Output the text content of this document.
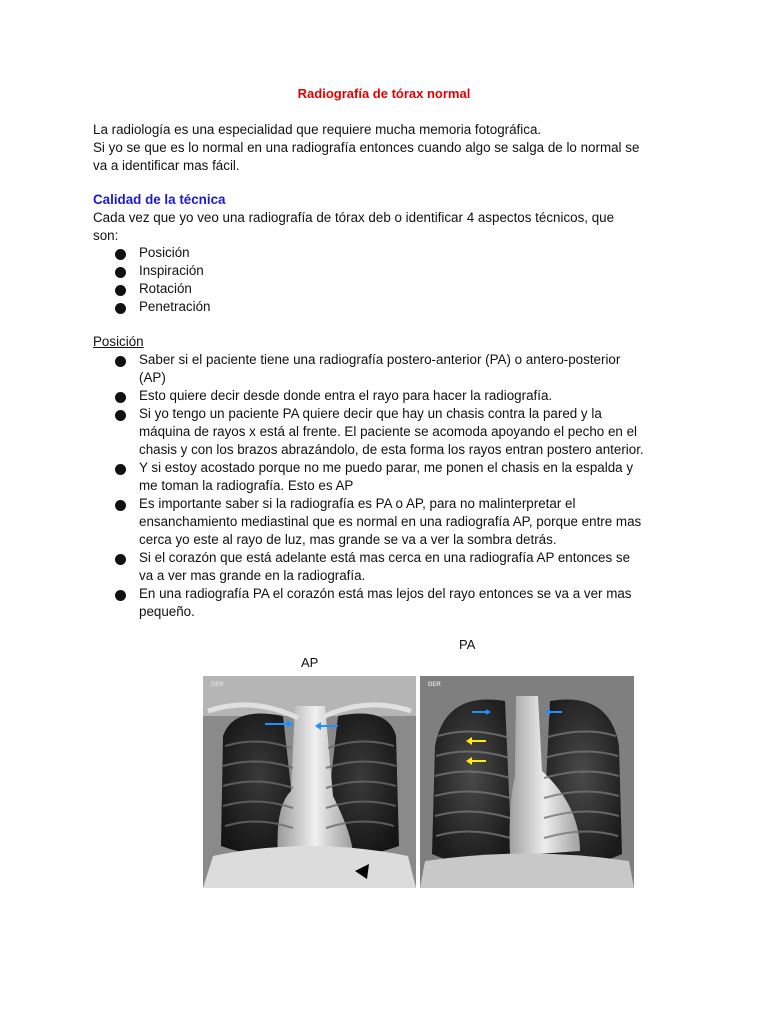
Radiografía de tórax normal
La radiología es una especialidad que requiere mucha memoria fotográfica.
Si yo se que es lo normal en una radiografía entonces cuando algo se salga de lo normal se
va a identificar mas fácil.
Calidad de la técnica
Cada vez que yo veo una radiografía de tórax deb o identificar 4 aspectos técnicos, que
son:
Posición
Inspiración
Rotación
Penetración
Posición
Saber si el paciente tiene una radiografía postero-anterior (PA) o antero-posterior
(AP)
Esto quiere decir desde donde entra el rayo para hacer la radiografía.
Si yo tengo un paciente PA quiere decir que hay un chasis contra la pared y la
máquina de rayos x está al frente. El paciente se acomoda apoyando el pecho en el
chasis y con los brazos abrazándolo, de esta forma los rayos entran postero anterior.
Y si estoy acostado porque no me puedo parar, me ponen el chasis en la espalda y
me toman la radiografía. Esto es AP
Es importante saber si la radiografía es PA o AP, para no malinterpretar el
ensanchamiento mediastinal que es normal en una radiografía AP, porque entre mas
cerca yo este al rayo de luz, mas grande se va a ver la sombra detrás.
Si el corazón que está adelante está mas cerca en una radiografía AP entonces se
va a ver mas grande en la radiografía.
En una radiografía PA el corazón está mas lejos del rayo entonces se va a ver mas
pequeño.
PA
AP
DER	DER
